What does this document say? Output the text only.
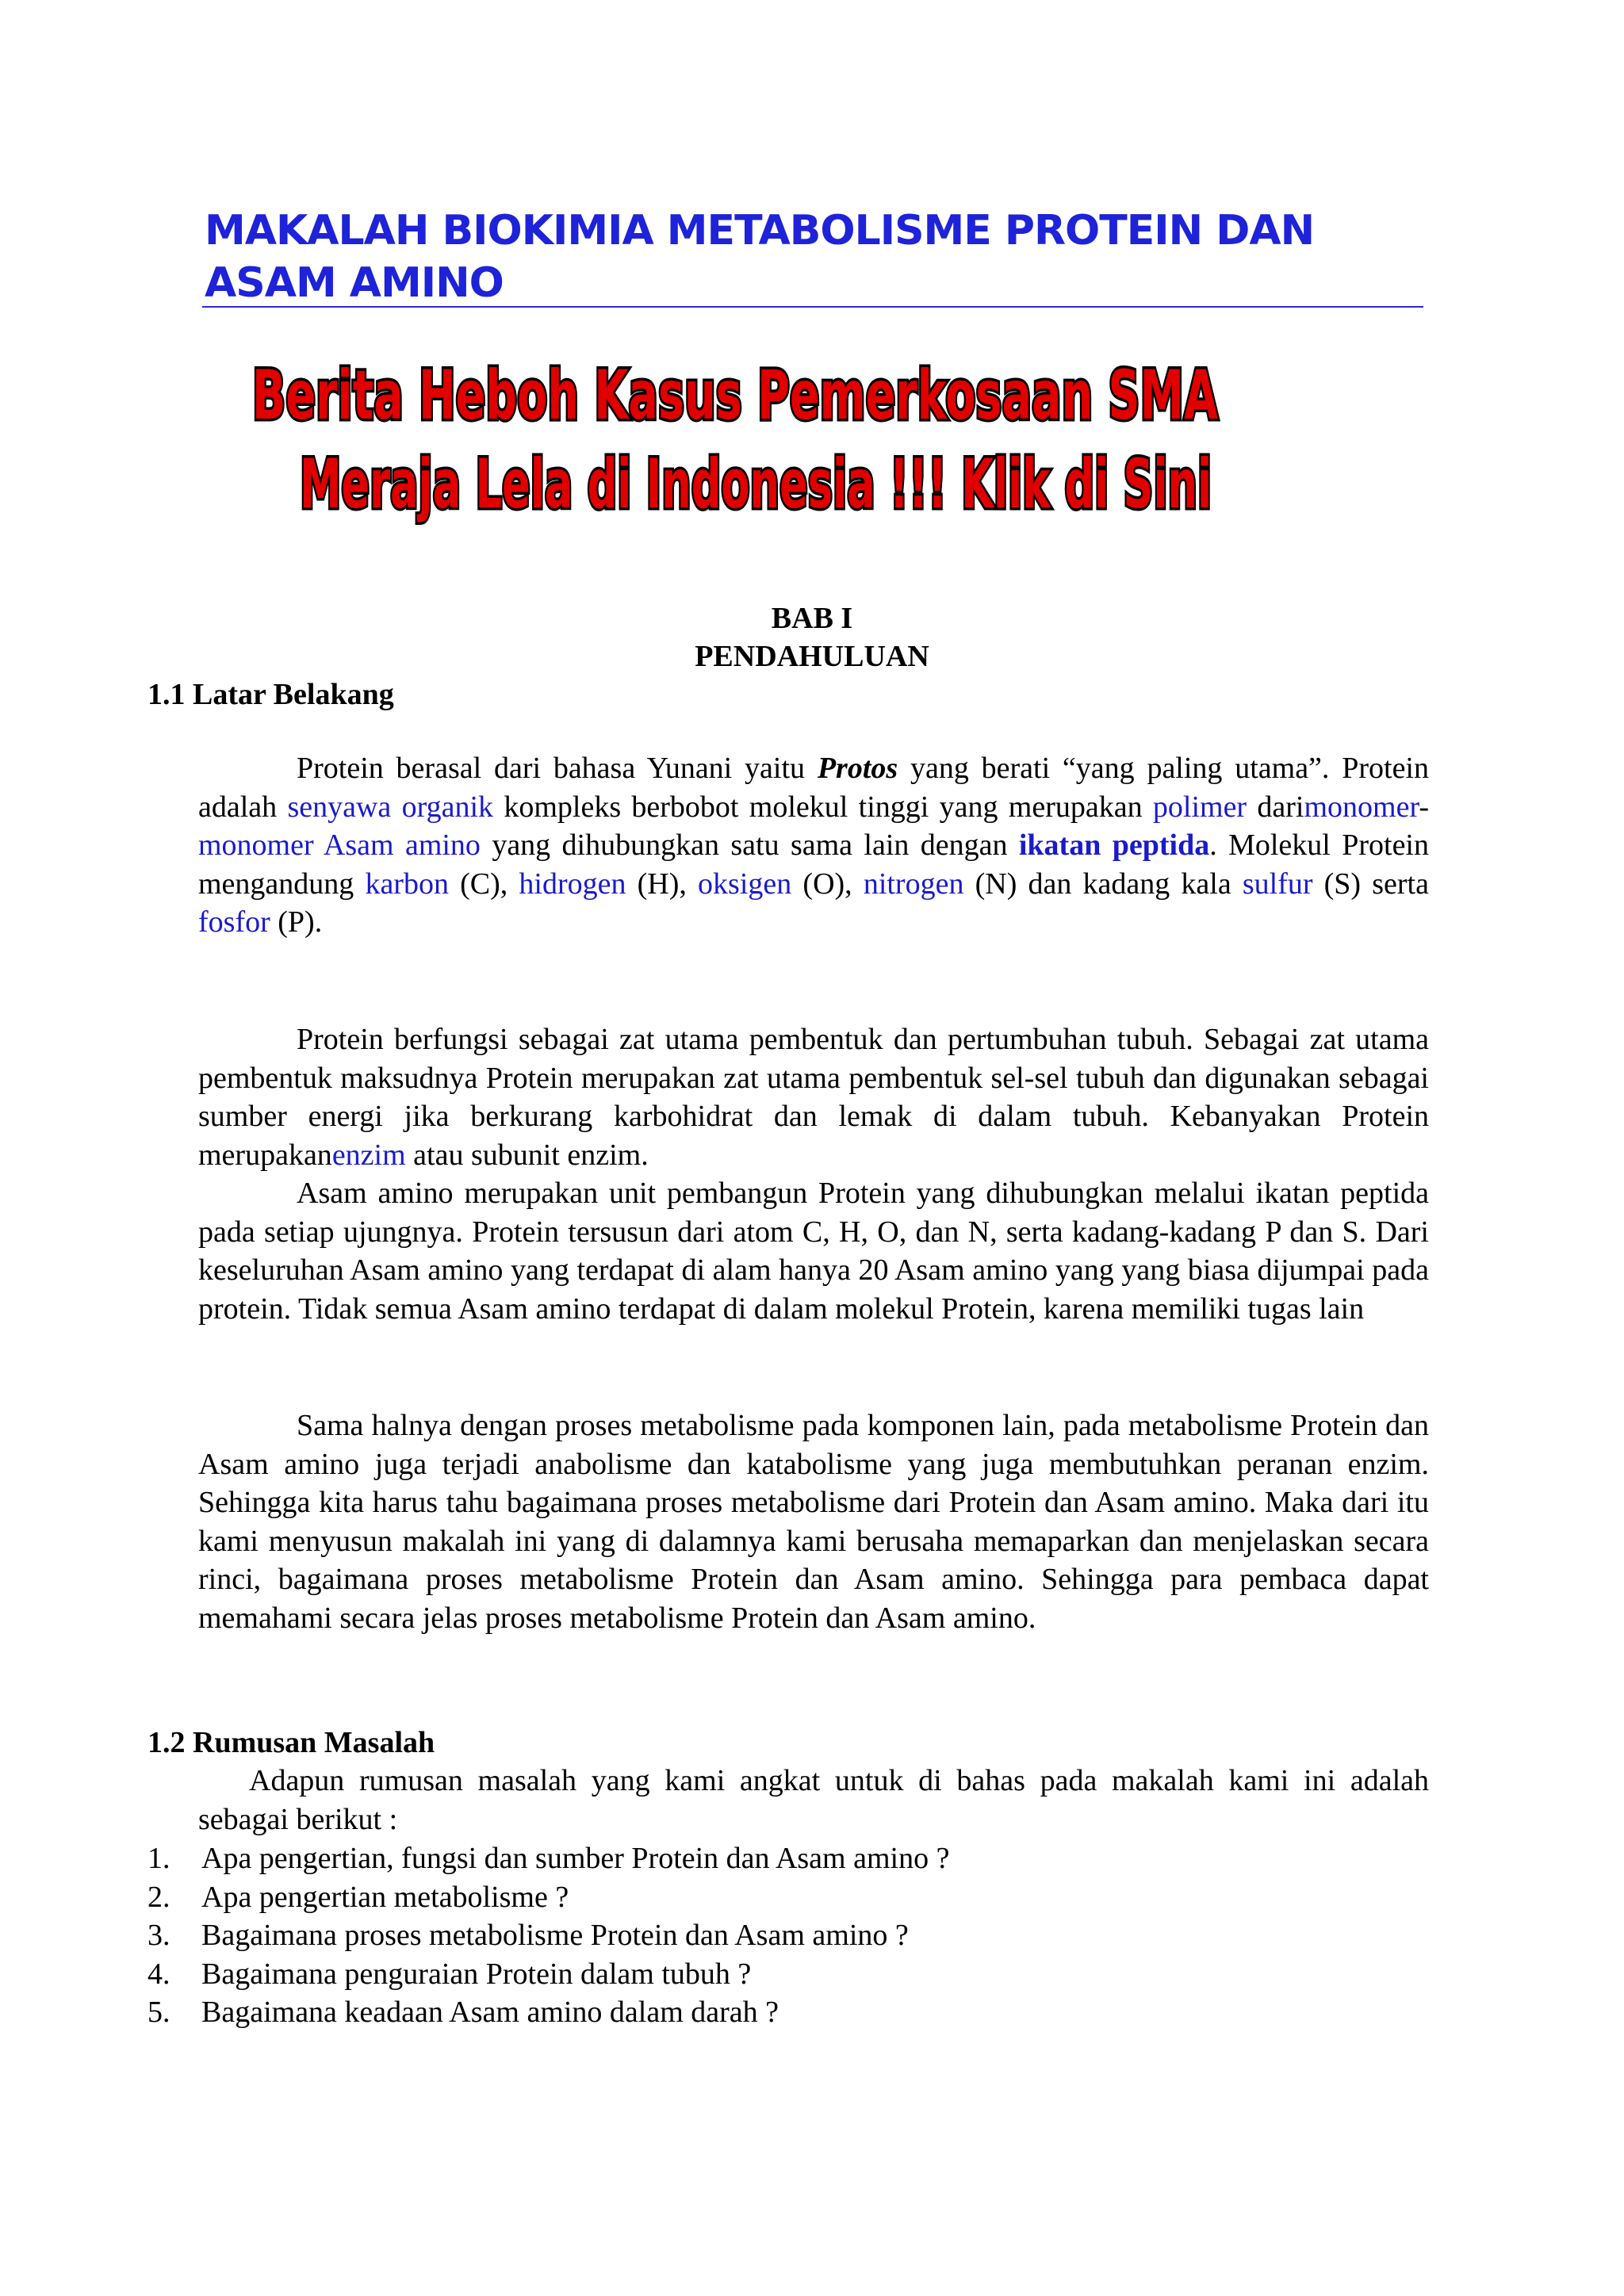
MAKALAH BIOKIMIA METABOLISME PROTEIN DAN ASAM AMINO
Berita Heboh Kasus Pemerkosaan SMA
Meraja Lela di Indonesia !!! Klik di Sini
BAB I
PENDAHULUAN
1.1 Latar Belakang

Protein berasal dari bahasa Yunani yaitu Protos yang berati “yang paling utama”. Protein adalah senyawa organik kompleks berbobot molekul tinggi yang merupakan polimer darimonomer-monomer Asam amino yang dihubungkan satu sama lain dengan ikatan peptida. Molekul Protein mengandung karbon (C), hidrogen (H), oksigen (O), nitrogen (N) dan kadang kala sulfur (S) serta fosfor (P).

Protein berfungsi sebagai zat utama pembentuk dan pertumbuhan tubuh. Sebagai zat utama pembentuk maksudnya Protein merupakan zat utama pembentuk sel-sel tubuh dan digunakan sebagai sumber energi jika berkurang karbohidrat dan lemak di dalam tubuh. Kebanyakan Protein merupakanenzim atau subunit enzim.

Asam amino merupakan unit pembangun Protein yang dihubungkan melalui ikatan peptida pada setiap ujungnya. Protein tersusun dari atom C, H, O, dan N, serta kadang-kadang P dan S. Dari keseluruhan Asam amino yang terdapat di alam hanya 20 Asam amino yang yang biasa dijumpai pada protein. Tidak semua Asam amino terdapat di dalam molekul Protein, karena memiliki tugas lain

Sama halnya dengan proses metabolisme pada komponen lain, pada metabolisme Protein dan Asam amino juga terjadi anabolisme dan katabolisme yang juga membutuhkan peranan enzim. Sehingga kita harus tahu bagaimana proses metabolisme dari Protein dan Asam amino. Maka dari itu kami menyusun makalah ini yang di dalamnya kami berusaha memaparkan dan menjelaskan secara rinci, bagaimana proses metabolisme Protein dan Asam amino. Sehingga para pembaca dapat memahami secara jelas proses metabolisme Protein dan Asam amino.

1.2 Rumusan Masalah

Adapun rumusan masalah yang kami angkat untuk di bahas pada makalah kami ini adalah sebagai berikut :

1.	Apa pengertian, fungsi dan sumber Protein dan Asam amino ?
2.	Apa pengertian metabolisme ?
3.	Bagaimana proses metabolisme Protein dan Asam amino ?
4.	Bagaimana penguraian Protein dalam tubuh ?
5.	Bagaimana keadaan Asam amino dalam darah ?
